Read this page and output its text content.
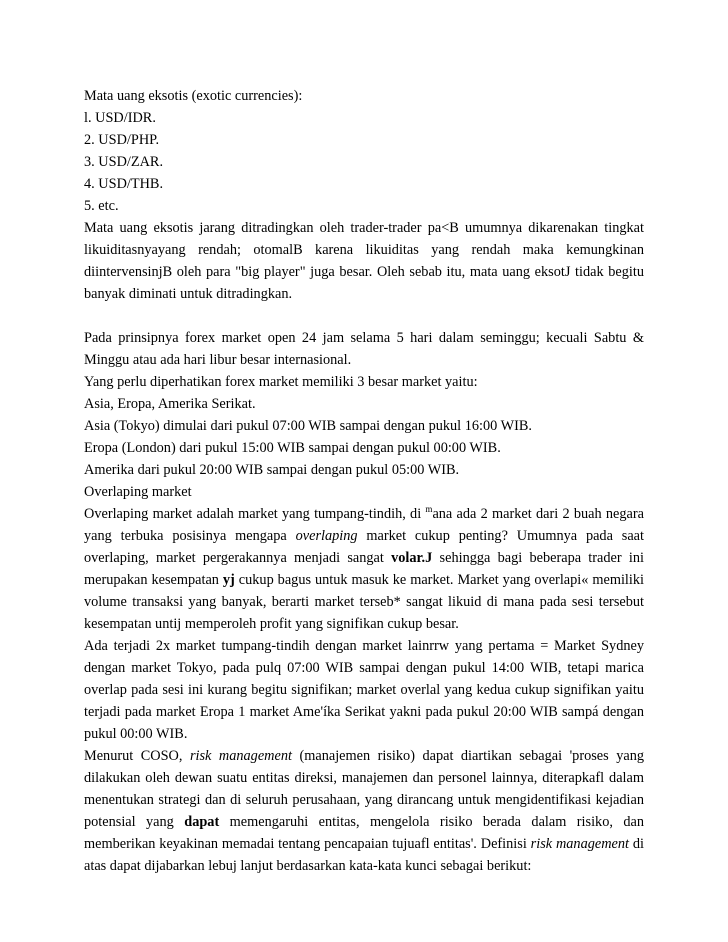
Mata uang eksotis (exotic currencies):
l. USD/IDR.
2. USD/PHP.
3. USD/ZAR.
4. USD/THB.
5. etc.
Mata uang eksotis jarang ditradingkan oleh trader-trader pa<B umumnya dikarenakan tingkat
likuiditasnyayang rendah; otomalB karena likuiditas yang rendah maka kemungkinan
diintervensinjB oleh para "big player" juga besar. Oleh sebab itu, mata uang eksotJ tidak begitu
banyak diminati untuk ditradingkan.
Pada prinsipnya forex market open 24 jam selama 5 hari dalam seminggu; kecuali Sabtu &
Minggu atau ada hari libur besar internasional.
Yang perlu diperhatikan forex market memiliki 3 besar market yaitu:
Asia, Eropa, Amerika Serikat.
Asia (Tokyo) dimulai dari pukul 07:00 WIB sampai dengan pukul 16:00 WIB.
Eropa (London) dari pukul 15:00 WIB sampai dengan pukul 00:00 WIB.
Amerika dari pukul 20:00 WIB sampai dengan pukul 05:00 WIB.
Overlaping market
Overlaping market adalah market yang tumpang-tindih, di $^m$ana ada 2 market dari 2 buah negara
yang terbuka posisinya mengapa overlaping market cukup penting? Umumnya pada saat
overlaping, market pergerakannya menjadi sangat volar.J sehingga bagi beberapa trader ini
merupakan kesempatan yj cukup bagus untuk masuk ke market. Market yang overlapi« memiliki
volume transaksi yang banyak, berarti market terseb* sangat likuid di mana pada sesi tersebut
kesempatan untij memperoleh profit yang signifikan cukup besar.
Ada terjadi 2x market tumpang-tindih dengan market lainrrw yang pertama = Market Sydney
dengan market Tokyo, pada pulq 07:00 WIB sampai dengan pukul 14:00 WIB, tetapi marica
overlap pada sesi ini kurang begitu signifikan; market overlal yang kedua cukup signifikan yaitu
terjadi pada market Eropa 1 market Ame'íka Serikat yakni pada pukul 20:00 WIB sampá dengan
pukul 00:00 WIB.
Menurut COSO, risk management (manajemen risiko) dapat diartikan sebagai 'proses yang
dilakukan oleh dewan suatu entitas direksi, manajemen dan personel lainnya, diterapkafl dalam
menentukan strategi dan di seluruh perusahaan, yang dirancang untuk mengidentifikasi kejadian
potensial yang dapat memengaruhi entitas, mengelola risiko berada dalam risiko, dan
memberikan keyakinan memadai tentang pencapaian tujuafl entitas'. Definisi risk management di
atas dapat dijabarkan lebuj lanjut berdasarkan kata-kata kunci sebagai berikut:
